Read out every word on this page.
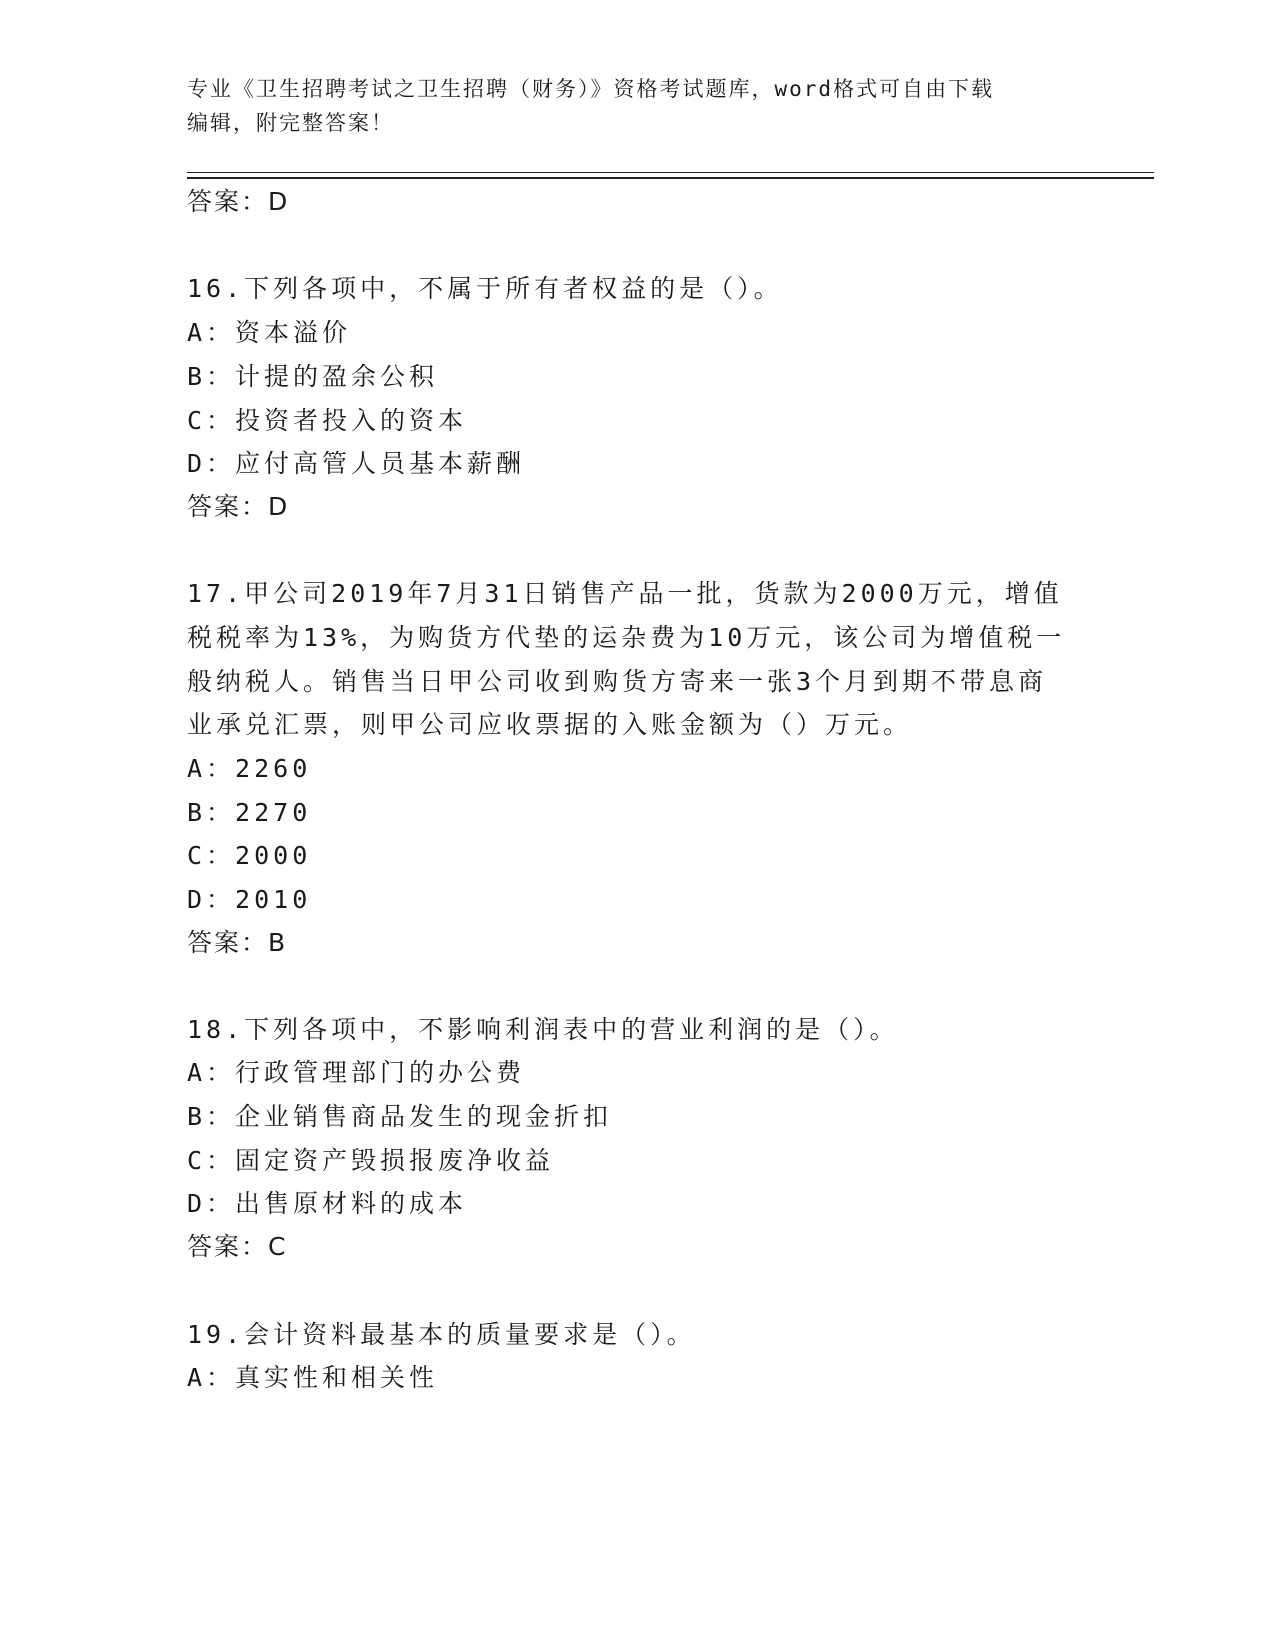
专业《卫生招聘考试之卫生招聘（财务）》资格考试题库，word格式可自由下载
编辑，附完整答案！
答案：D
16.下列各项中，不属于所有者权益的是（）。
A：资本溢价
B：计提的盈余公积
C：投资者投入的资本
D：应付高管人员基本薪酬
答案：D
17.甲公司2019年7月31日销售产品一批，货款为2000万元，增值
税税率为13%，为购货方代垫的运杂费为10万元，该公司为增值税一
般纳税人。销售当日甲公司收到购货方寄来一张3个月到期不带息商
业承兑汇票，则甲公司应收票据的入账金额为（）万元。
A：2260
B：2270
C：2000
D：2010
答案：B
18.下列各项中，不影响利润表中的营业利润的是（）。
A：行政管理部门的办公费
B：企业销售商品发生的现金折扣
C：固定资产毁损报废净收益
D：出售原材料的成本
答案：C
19.会计资料最基本的质量要求是（）。
A：真实性和相关性
